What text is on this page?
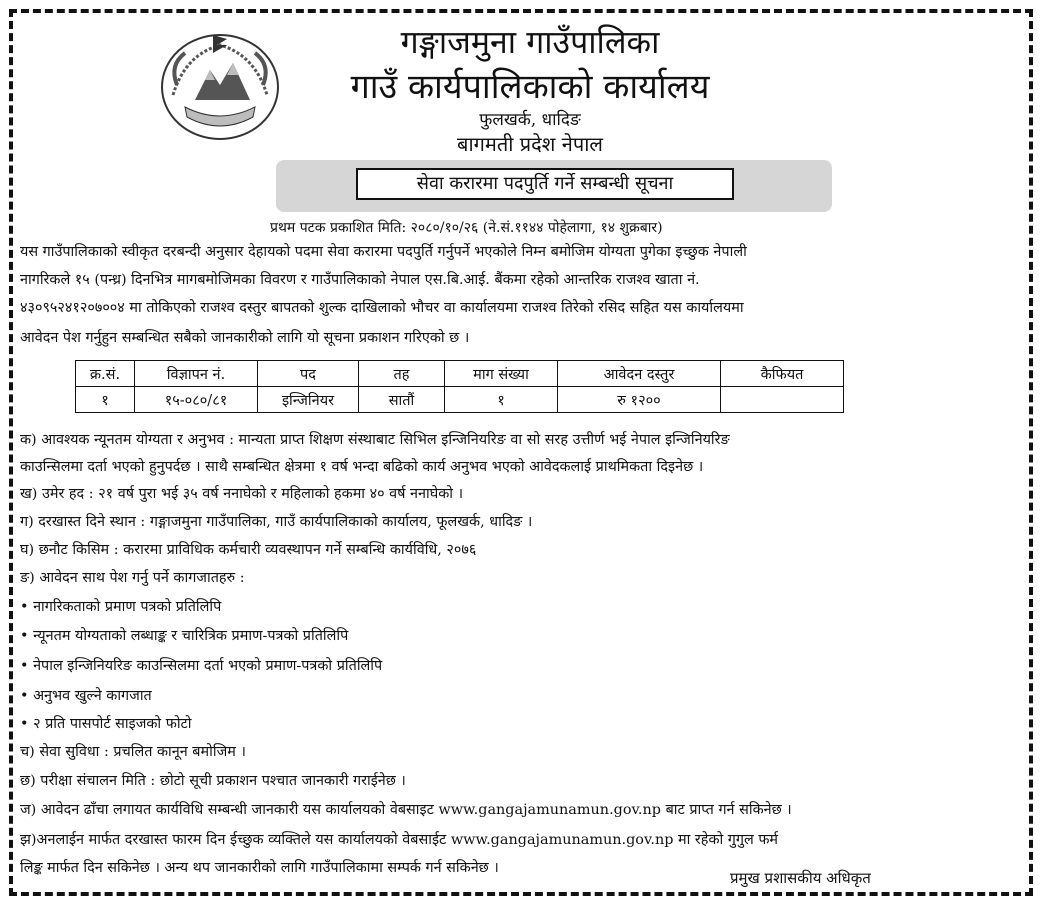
गङ्गाजमुना गाउँपालिका
गाउँ कार्यपालिकाको कार्यालय
फुलखर्क, धादिङ
बागमती प्रदेश नेपाल
सेवा करारमा पदपुर्ति गर्ने सम्बन्धी सूचना
प्रथम पटक प्रकाशित मिति: २०८०/१०/२६ (ने.सं.११४४ पोहेलागा, १४ शुक्रबार)
यस गाउँपालिकाको स्वीकृत दरबन्दी अनुसार देहायको पदमा सेवा करारमा पदपुर्ति गर्नुपर्ने भएकोले निम्न बमोजिम योग्यता पुगेका इच्छुक नेपाली
नागरिकले १५ (पन्ध्र) दिनभित्र मागबमोजिमका विवरण र गाउँपालिकाको नेपाल एस.बि.आई. बैंकमा रहेको आन्तरिक राजश्व खाता नं.
४३०९५२४१२०७००४ मा तोकिएको राजश्व दस्तुर बापतको शुल्क दाखिलाको भौचर वा कार्यालयमा राजश्व तिरेको रसिद सहित यस कार्यालयमा
आवेदन पेश गर्नुहुन सम्बन्धित सबैको जानकारीको लागि यो सूचना प्रकाशन गरिएको छ ।
क्र.सं.	विज्ञापन नं.	पद	तह	माग संख्या	आवेदन दस्तुर	कैफियत
१	१५-०८०/८१	इन्जिनियर	सातौं	१	रु १२००	
क) आवश्यक न्यूनतम योग्यता र अनुभव : मान्यता प्राप्त शिक्षण संस्थाबाट सिभिल इन्जिनियरिङ वा सो सरह उत्तीर्ण भई नेपाल इन्जिनियरिङ
काउन्सिलमा दर्ता भएको हुनुपर्दछ । साथै सम्बन्धित क्षेत्रमा १ वर्ष भन्दा बढिको कार्य अनुभव भएको आवेदकलाई प्राथमिकता दिइनेछ ।
ख) उमेर हद : २१ वर्ष पुरा भई ३५ वर्ष ननाघेको र महिलाको हकमा ४० वर्ष ननाघेको ।
ग) दरखास्त दिने स्थान : गङ्गाजमुना गाउँपालिका, गाउँ कार्यपालिकाको कार्यालय, फूलखर्क, धादिङ ।
घ) छनौट किसिम : करारमा प्राविधिक कर्मचारी व्यवस्थापन गर्ने सम्बन्धि कार्यविधि, २०७६
ङ) आवेदन साथ पेश गर्नु पर्ने कागजातहरु :
• नागरिकताको प्रमाण पत्रको प्रतिलिपि
• न्यूनतम योग्यताको लब्धाङ्क र चारित्रिक प्रमाण-पत्रको प्रतिलिपि
• नेपाल इन्जिनियरिङ काउन्सिलमा दर्ता भएको प्रमाण-पत्रको प्रतिलिपि
• अनुभव खुल्ने कागजात
• २ प्रति पासपोर्ट साइजको फोटो
च) सेवा सुविधा : प्रचलित कानून बमोजिम ।
छ) परीक्षा संचालन मिति : छोटो सूची प्रकाशन पश्चात जानकारी गराईनेछ ।
ज) आवेदन ढाँचा लगायत कार्यविधि सम्बन्धी जानकारी यस कार्यालयको वेबसाइट www.gangajamunamun.gov.np बाट प्राप्त गर्न सकिनेछ ।
झ)अनलाईन मार्फत दरखास्त फारम दिन ईच्छुक व्यक्तिले यस कार्यालयको वेबसाईट www.gangajamunamun.gov.np मा रहेको गुगुल फर्म
लिङ्क मार्फत दिन सकिनेछ । अन्य थप जानकारीको लागि गाउँपालिकामा सम्पर्क गर्न सकिनेछ ।
प्रमुख प्रशासकीय अधिकृत
